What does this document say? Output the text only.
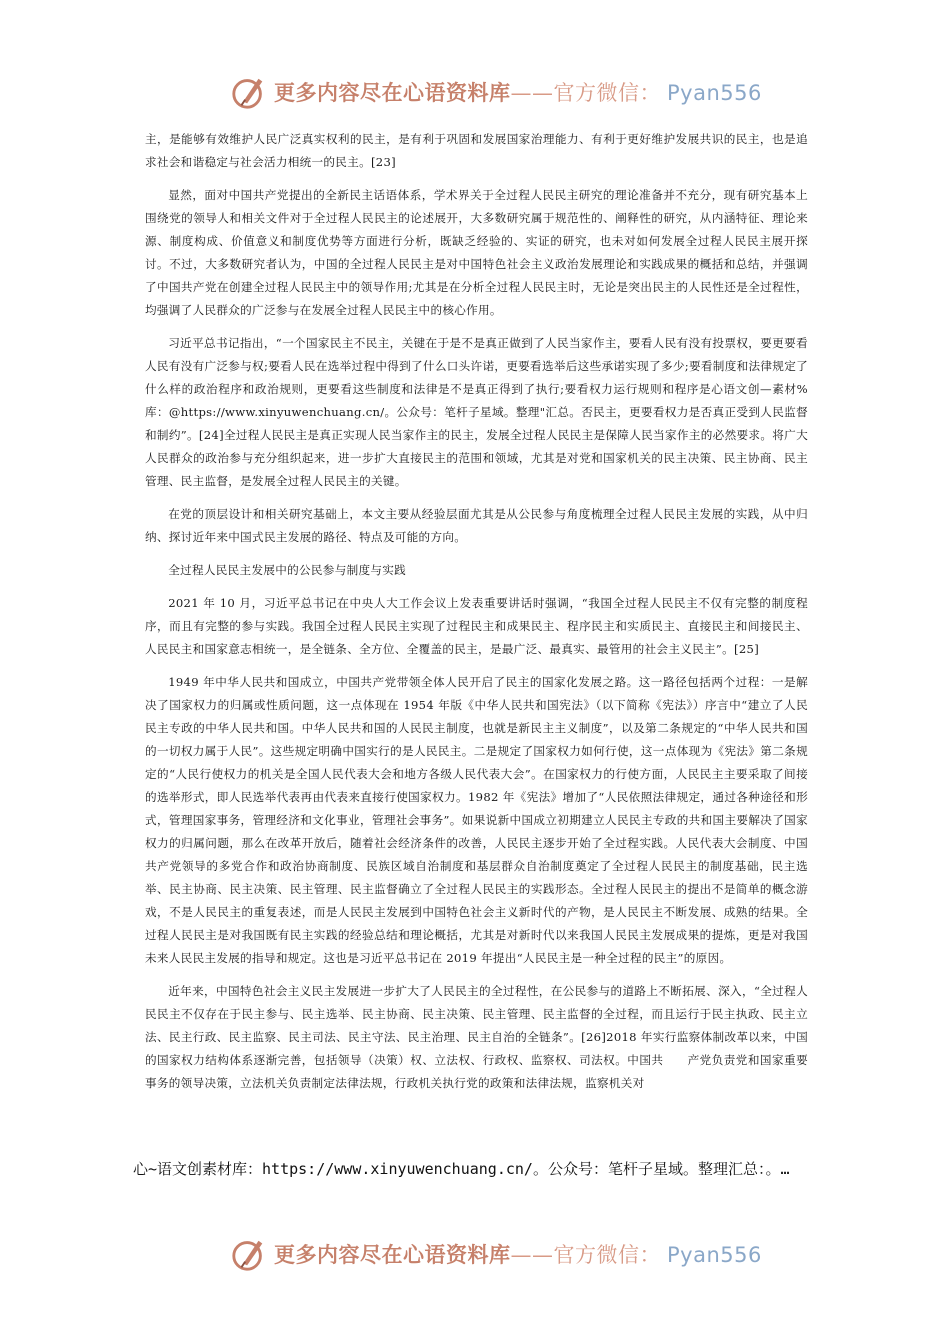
更多内容尽在心语资料库——官方微信： Pyan556

主，是能够有效维护人民广泛真实权利的民主，是有利于巩固和发展国家治理能力、有利于更好维护发展共识的民主，也是追求社会和谐稳定与社会活力相统一的民主。[23]

显然，面对中国共产党提出的全新民主话语体系，学术界关于全过程人民民主研究的理论准备并不充分，现有研究基本上围绕党的领导人和相关文件对于全过程人民民主的论述展开，大多数研究属于规范性的、阐释性的研究，从内涵特征、理论来源、制度构成、价值意义和制度优势等方面进行分析，既缺乏经验的、实证的研究，也未对如何发展全过程人民民主展开探讨。不过，大多数研究者认为，中国的全过程人民民主是对中国特色社会主义政治发展理论和实践成果的概括和总结，并强调了中国共产党在创建全过程人民民主中的领导作用;尤其是在分析全过程人民民主时，无论是突出民主的人民性还是全过程性，均强调了人民群众的广泛参与在发展全过程人民民主中的核心作用。

习近平总书记指出，“一个国家民主不民主，关键在于是不是真正做到了人民当家作主，要看人民有没有投票权，要更要看人民有没有广泛参与权;要看人民在选举过程中得到了什么口头许诺，更要看选举后这些承诺实现了多少;要看制度和法律规定了什么样的政治程序和政治规则，更要看这些制度和法律是不是真正得到了执行;要看权力运行规则和程序是心语文创—素材%库：@https://www.xinyuwenchuang.cn/。公众号：笔杆子星域。整理"汇总。否民主，更要看权力是否真正受到人民监督和制约”。[24]全过程人民民主是真正实现人民当家作主的民主，发展全过程人民民主是保障人民当家作主的必然要求。将广大人民群众的政治参与充分组织起来，进一步扩大直接民主的范围和领域，尤其是对党和国家机关的民主决策、民主协商、民主管理、民主监督，是发展全过程人民民主的关键。

在党的顶层设计和相关研究基础上，本文主要从经验层面尤其是从公民参与角度梳理全过程人民民主发展的实践，从中归纳、探讨近年来中国式民主发展的路径、特点及可能的方向。

全过程人民民主发展中的公民参与制度与实践

2021 年 10 月，习近平总书记在中央人大工作会议上发表重要讲话时强调，“我国全过程人民民主不仅有完整的制度程序，而且有完整的参与实践。我国全过程人民民主实现了过程民主和成果民主、程序民主和实质民主、直接民主和间接民主、人民民主和国家意志相统一，是全链条、全方位、全覆盖的民主，是最广泛、最真实、最管用的社会主义民主”。[25]

1949 年中华人民共和国成立，中国共产党带领全体人民开启了民主的国家化发展之路。这一路径包括两个过程：一是解决了国家权力的归属或性质问题，这一点体现在 1954 年版《中华人民共和国宪法》（以下简称《宪法》）序言中“建立了人民民主专政的中华人民共和国。中华人民共和国的人民民主制度，也就是新民主主义制度”，以及第二条规定的“中华人民共和国的一切权力属于人民”。这些规定明确中国实行的是人民民主。二是规定了国家权力如何行使，这一点体现为《宪法》第二条规定的“人民行使权力的机关是全国人民代表大会和地方各级人民代表大会”。在国家权力的行使方面，人民民主主要采取了间接的选举形式，即人民选举代表再由代表来直接行使国家权力。1982 年《宪法》增加了“人民依照法律规定，通过各种途径和形式，管理国家事务，管理经济和文化事业，管理社会事务”。如果说新中国成立初期建立人民民主专政的共和国主要解决了国家权力的归属问题，那么在改革开放后，随着社会经济条件的改善，人民民主逐步开始了全过程实践。人民代表大会制度、中国共产党领导的多党合作和政治协商制度、民族区域自治制度和基层群众自治制度奠定了全过程人民民主的制度基础，民主选举、民主协商、民主决策、民主管理、民主监督确立了全过程人民民主的实践形态。全过程人民民主的提出不是简单的概念游戏，不是人民民主的重复表述，而是人民民主发展到中国特色社会主义新时代的产物，是人民民主不断发展、成熟的结果。全过程人民民主是对我国既有民主实践的经验总结和理论概括，尤其是对新时代以来我国人民民主发展成果的提炼，更是对我国未来人民民主发展的指导和规定。这也是习近平总书记在 2019 年提出“人民民主是一种全过程的民主”的原因。

近年来，中国特色社会主义民主发展进一步扩大了人民民主的全过程性，在公民参与的道路上不断拓展、深入，“全过程人民民主不仅存在于民主参与、民主选举、民主协商、民主决策、民主管理、民主监督的全过程，而且运行于民主执政、民主立法、民主行政、民主监察、民主司法、民主守法、民主治理、民主自治的全链条”。[26]2018 年实行监察体制改革以来，中国的国家权力结构体系逐渐完善，包括领导（决策）权、立法权、行政权、监察权、司法权。中国共　　产党负责党和国家重要事务的领导决策，立法机关负责制定法律法规，行政机关执行党的政策和法律法规，监察机关对

心~语文创素材库：https://www.xinyuwenchuang.cn/。公众号：笔杆子星域。整理汇总：。…
更多内容尽在心语资料库——官方微信： Pyan556
